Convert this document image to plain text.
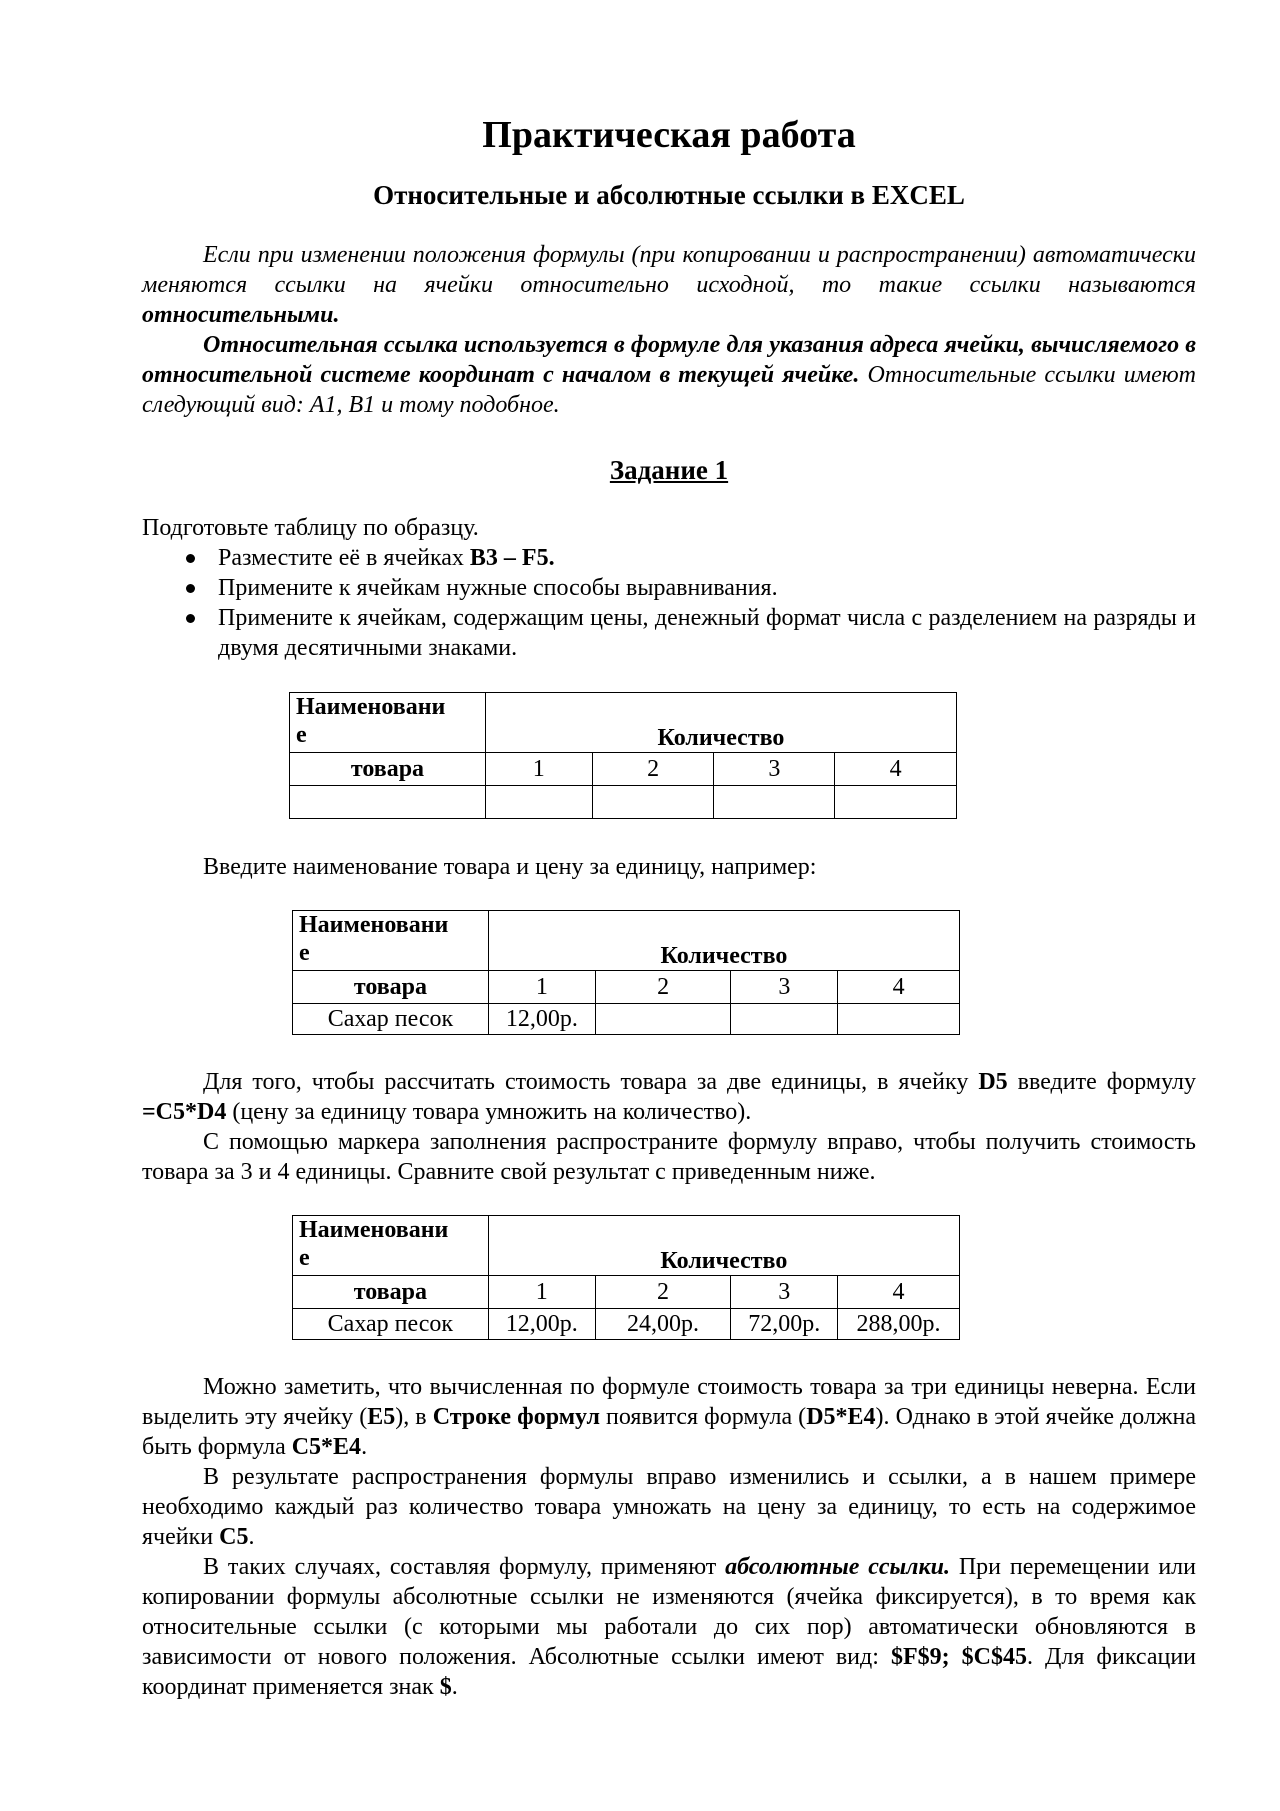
Практическая работа
Относительные и абсолютные ссылки в EXCEL

Если при изменении положения формулы (при копировании и распространении) автоматически меняются ссылки на ячейки относительно исходной, то такие ссылки называются относительными.

Относительная ссылка используется в формуле для указания адреса ячейки, вычисляемого в относительной системе координат с началом в текущей ячейке. Относительные ссылки имеют следующий вид: А1, В1 и тому подобное.

Задание 1

Подготовьте таблицу по образцу.

Разместите её в ячейках В3 – F5.
Примените к ячейкам нужные способы выравнивания.
Примените к ячейкам, содержащим цены, денежный формат числа с разделением на разряды и двумя десятичными знаками.
Наименовани
е	Количество			
товара	1	2	3	4

Введите наименование товара и цену за единицу, например:

Наименовани
е	Количество			
товара	1	2	3	4
Сахар песок	12,00р.			

Для того, чтобы рассчитать стоимость товара за две единицы, в ячейку D5 введите формулу =C5*D4 (цену за единицу товара умножить на количество).

С помощью маркера заполнения распространите формулу вправо, чтобы получить стоимость товара за 3 и 4 единицы. Сравните свой результат с приведенным ниже.

Наименовани
е	Количество			
товара	1	2	3	4
Сахар песок	12,00р.	24,00р.	72,00р.	288,00р.

Можно заметить, что вычисленная по формуле стоимость товара за три единицы неверна. Если выделить эту ячейку (E5), в Строке формул появится формула (D5*E4). Однако в этой ячейке должна быть формула C5*E4.

В результате распространения формулы вправо изменились и ссылки, а в нашем примере необходимо каждый раз количество товара умножать на цену за единицу, то есть на содержимое ячейки C5.

В таких случаях, составляя формулу, применяют абсолютные ссылки. При перемещении или копировании формулы абсолютные ссылки не изменяются (ячейка фиксируется), в то время как относительные ссылки (с которыми мы работали до сих пор) автоматически обновляются в зависимости от нового положения. Абсолютные ссылки имеют вид: $F$9; $C$45. Для фиксации координат применяется знак $.
